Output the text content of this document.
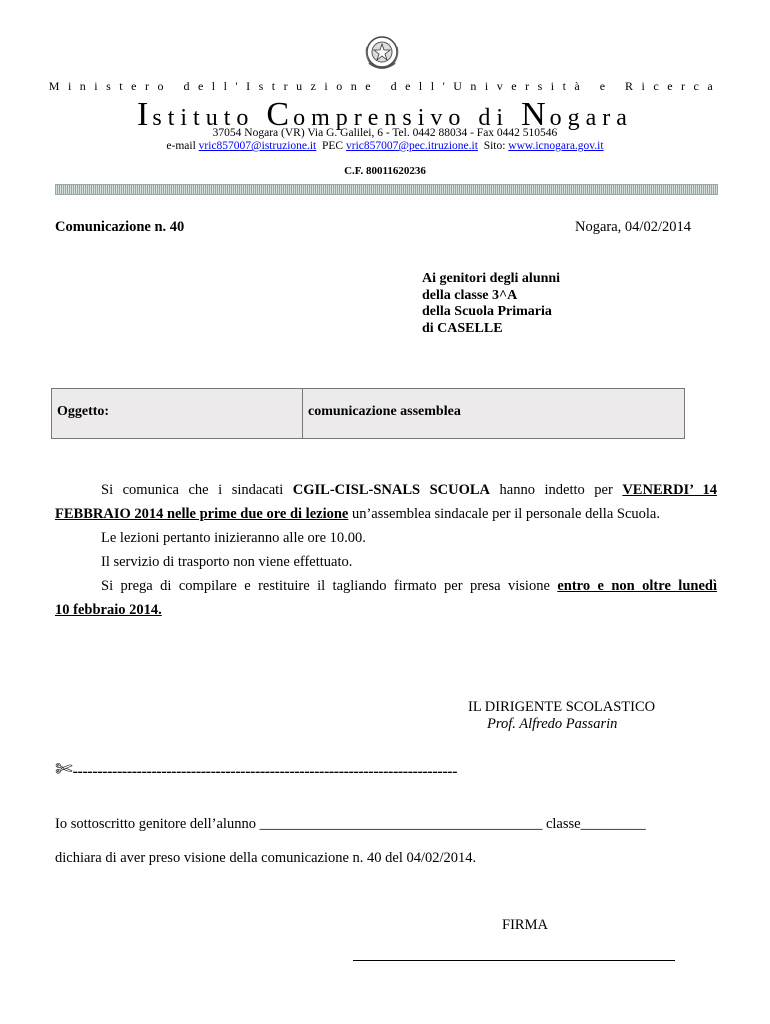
Ministero dell'Istruzione dell'Università e Ricerca
Istituto Comprensivo di Nogara
37054 Nogara (VR) Via G. Galilei, 6 - Tel. 0442 88034 - Fax 0442 510546
e-mail vric857007@istruzione.it PEC vric857007@pec.itruzione.it Sito: www.icnogara.gov.it
C.F. 80011620236
Comunicazione n. 40	Nogara, 04/02/2014
Ai genitori degli alunni
della classe 3^A
della Scuola Primaria
di CASELLE
Oggetto:	comunicazione assemblea

Si comunica che i sindacati CGIL-CISL-SNALS SCUOLA hanno indetto per VENERDI’ 14

FEBBRAIO 2014 nelle prime due ore di lezione un’assemblea sindacale per il personale della Scuola.

Le lezioni pertanto inizieranno alle ore 10.00.

Il servizio di trasporto non viene effettuato.

Si prega di compilare e restituire il tagliando firmato per presa visione entro e non oltre lunedì

10 febbraio 2014.

IL DIRIGENTE SCOLASTICO
Prof. Alfredo Passarin
✄------------------------------------------------------------------------------
Io sottoscritto genitore dell’alunno _______________________________________ classe_________
dichiara di aver preso visione della comunicazione n. 40 del 04/02/2014.
FIRMA
